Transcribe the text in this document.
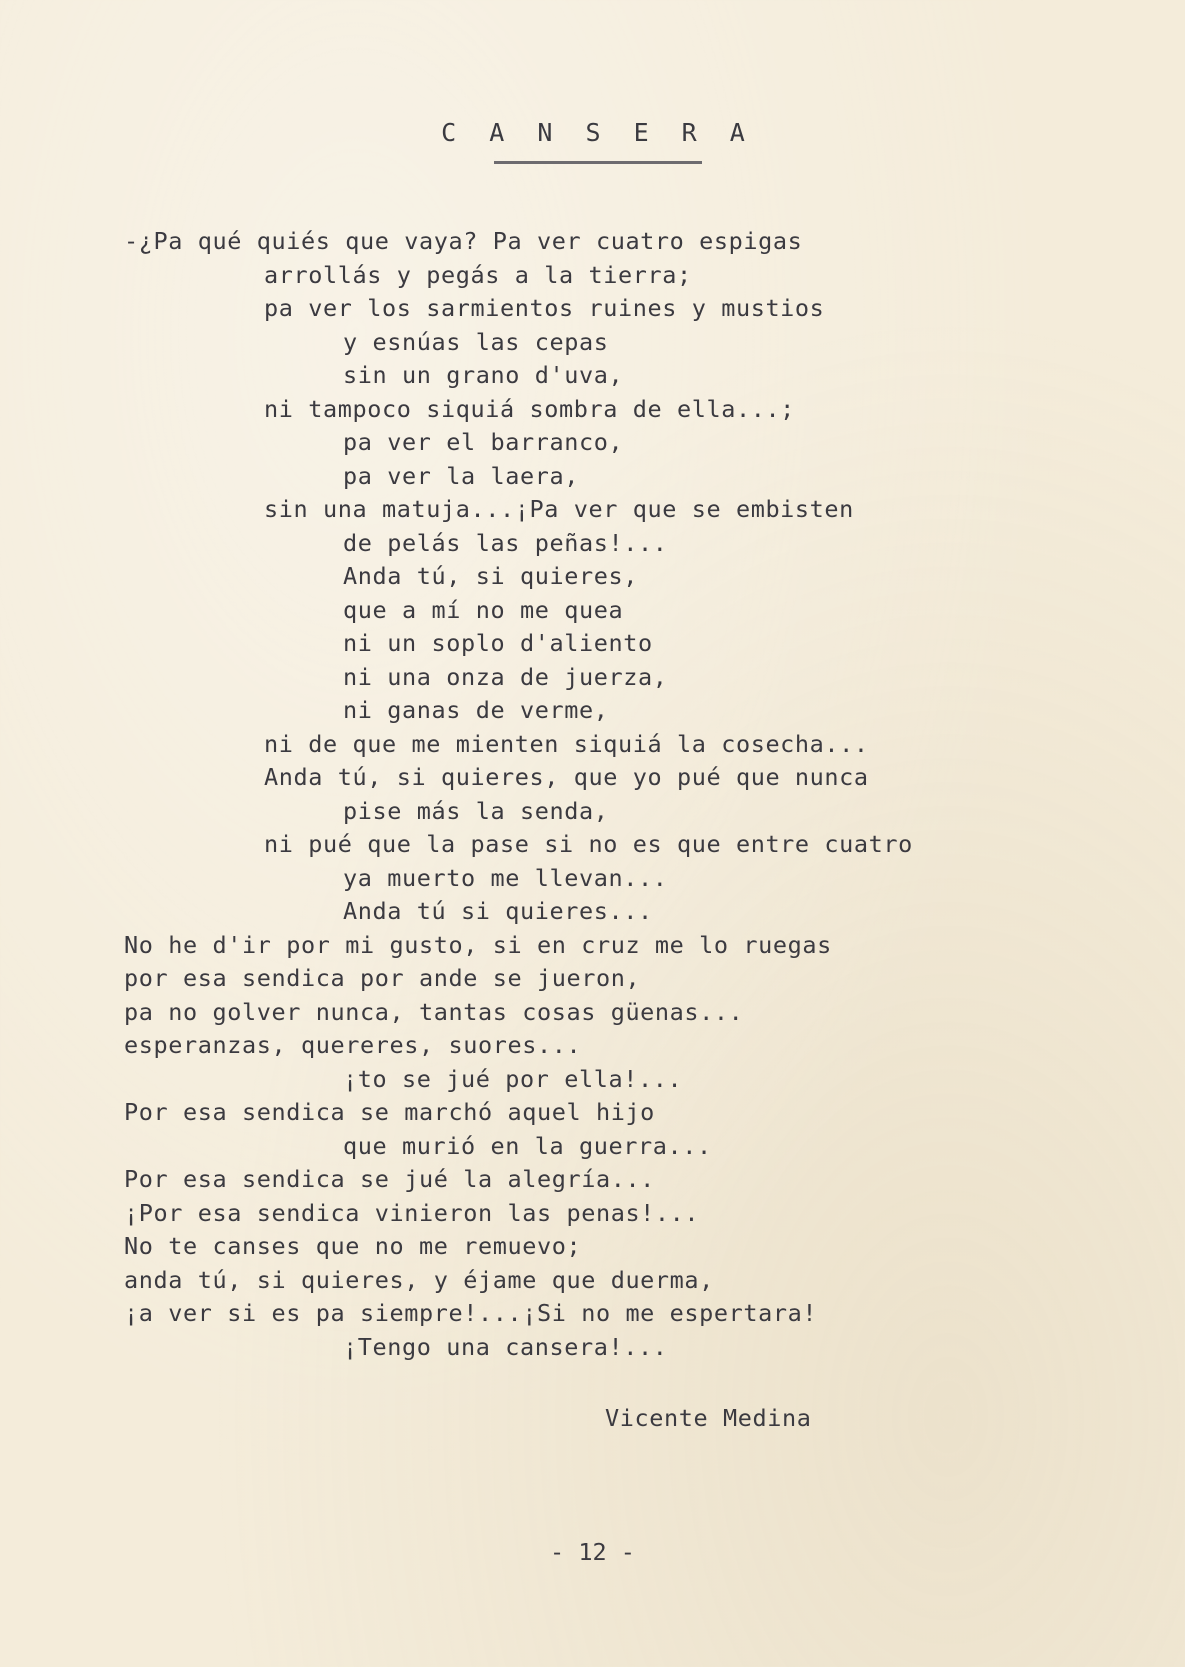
C A N S E R A
-¿Pa qué quiés que vaya? Pa ver cuatro espigas
arrollás y pegás a la tierra;
pa ver los sarmientos ruines y mustios
y esnúas las cepas
sin un grano d'uva,
ni tampoco siquiá sombra de ella...;
pa ver el barranco,
pa ver la laera,
sin una matuja...¡Pa ver que se embisten
de pelás las peñas!...
Anda tú, si quieres,
que a mí no me quea
ni un soplo d'aliento
ni una onza de juerza,
ni ganas de verme,
ni de que me mienten siquiá la cosecha...
Anda tú, si quieres, que yo pué que nunca
pise más la senda,
ni pué que la pase si no es que entre cuatro
ya muerto me llevan...
Anda tú si quieres...
No he d'ir por mi gusto, si en cruz me lo ruegas
por esa sendica por ande se jueron,
pa no golver nunca, tantas cosas güenas...
esperanzas, quereres, suores...
¡to se jué por ella!...
Por esa sendica se marchó aquel hijo
que murió en la guerra...
Por esa sendica se jué la alegría...
¡Por esa sendica vinieron las penas!...
No te canses que no me remuevo;
anda tú, si quieres, y éjame que duerma,
¡a ver si es pa siempre!...¡Si no me espertara!
¡Tengo una cansera!...
Vicente Medina
- 12 -
